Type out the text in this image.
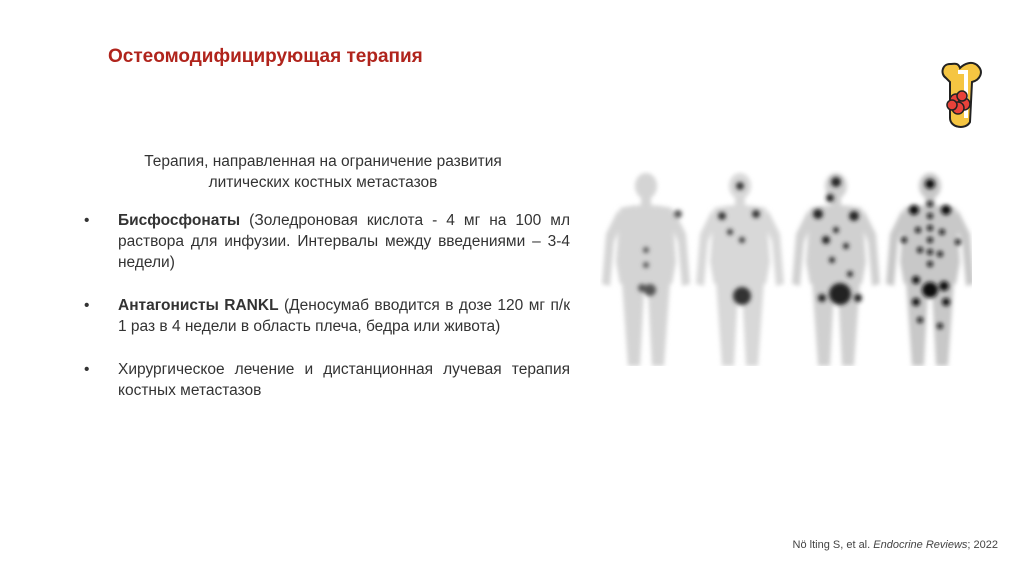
Остеомодифицирующая терапия
Терапия, направленная на ограничение развития
литических костных метастазов
• Бисфосфонаты (Золедроновая кислота - 4 мг на 100 мл раствора для инфузии. Интервалы между введениями – 3-4 недели)
• Антагонисты RANKL (Деносумаб вводится в дозе 120 мг п/к 1 раз в 4 недели в область плеча, бедра или живота)
• Хирургическое лечение и дистанционная лучевая терапия костных метастазов
Nö lting S, et al. Endocrine Reviews; 2022
